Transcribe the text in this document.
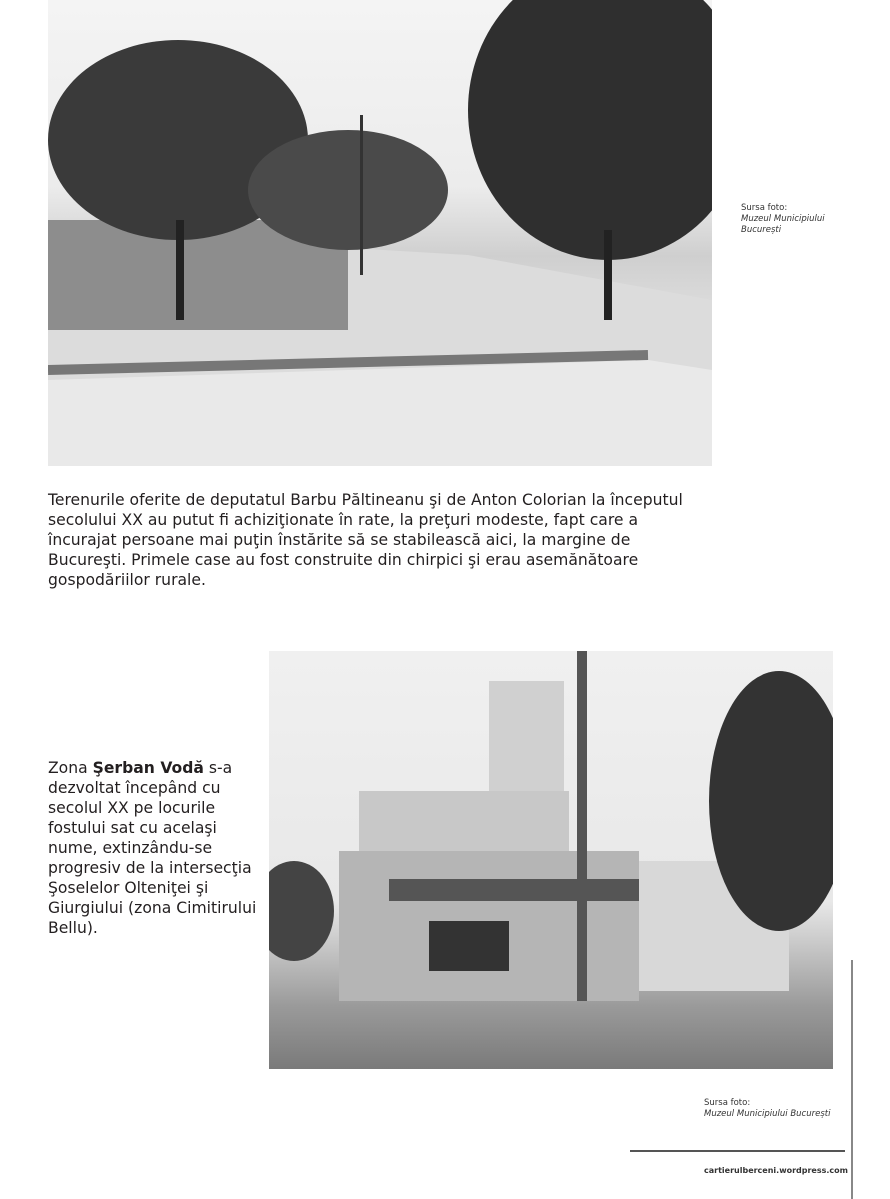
Sursa foto:
Muzeul Municipiului
București

Terenurile oferite de deputatul Barbu Păltineanu şi de Anton Colorian la începutul secolului XX au putut fi achiziţionate în rate, la preţuri modeste, fapt care a încurajat persoane mai puţin înstărite să se stabilească aici, la margine de Bucureşti. Primele case au fost construite din chirpici şi erau asemănătoare gospodăriilor rurale.

Zona Şerban Vodă s-a dezvoltat începând cu secolul XX pe locurile fostului sat cu acelaşi nume, extinzându-se progresiv de la intersecţia Şoselelor Olteniţei şi Giurgiului (zona Cimitirului Bellu).

Sursa foto:
Muzeul Municipiului București
cartierulberceni.wordpress.com
